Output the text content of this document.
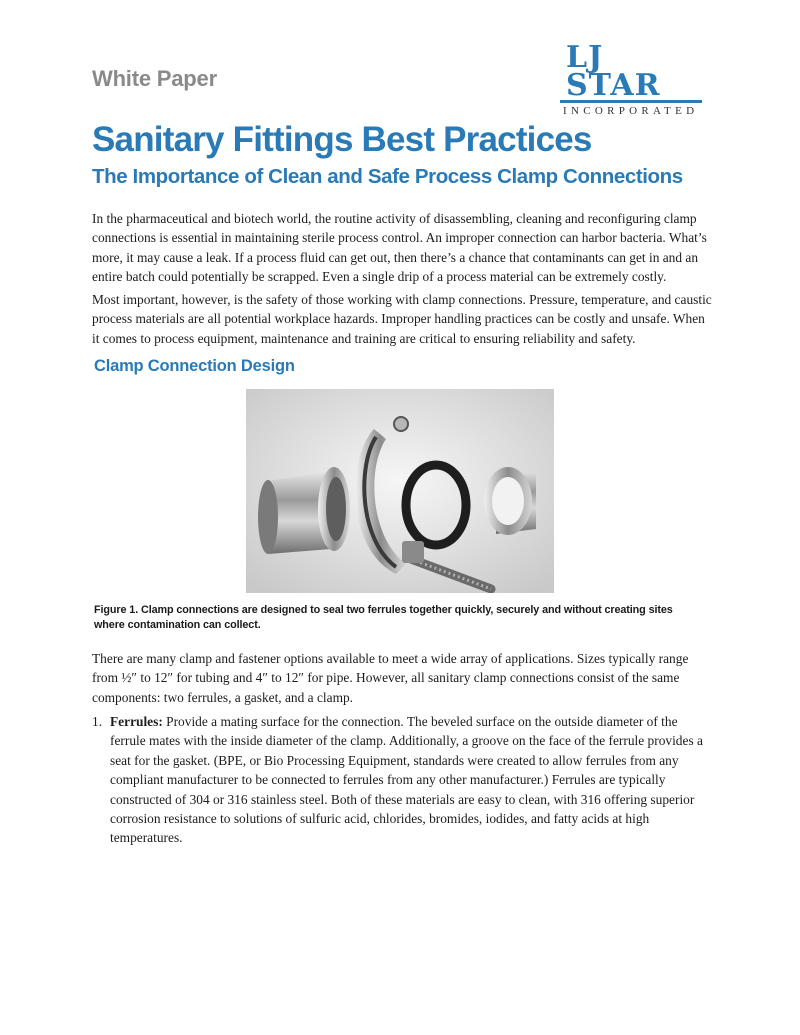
White Paper
LJ STAR
INCORPORATED
Sanitary Fittings Best Practices
The Importance of Clean and Safe Process Clamp Connections

In the pharmaceutical and biotech world, the routine activity of disassembling, cleaning and reconfiguring clamp connections is essential in maintaining sterile process control. An improper connection can harbor bacteria. What’s more, it may cause a leak. If a process fluid can get out, then there’s a chance that contaminants can get in and an entire batch could potentially be scrapped. Even a single drip of a process material can be extremely costly.

Most important, however, is the safety of those working with clamp connections. Pressure, temperature, and caustic process materials are all potential workplace hazards. Improper handling practices can be costly and unsafe. When it comes to process equipment, maintenance and training are critical to ensuring reliability and safety.

Clamp Connection Design

Figure 1. Clamp connections are designed to seal two ferrules together quickly, securely and without creating sites where contamination can collect.

There are many clamp and fastener options available to meet a wide array of applications. Sizes typically range from ½″ to 12″ for tubing and 4″ to 12″ for pipe. However, all sanitary clamp connections consist of the same components: two ferrules, a gasket, and a clamp.

1. Ferrules: Provide a mating surface for the connection. The beveled surface on the outside diameter of the ferrule mates with the inside diameter of the clamp. Additionally, a groove on the face of the ferrule provides a seat for the gasket. (BPE, or Bio Processing Equipment, standards were created to allow ferrules from any compliant manufacturer to be connected to ferrules from any other manufacturer.) Ferrules are typically constructed of 304 or 316 stainless steel. Both of these materials are easy to clean, with 316 offering superior corrosion resistance to solutions of sulfuric acid, chlorides, bromides, iodides, and fatty acids at high temperatures.
